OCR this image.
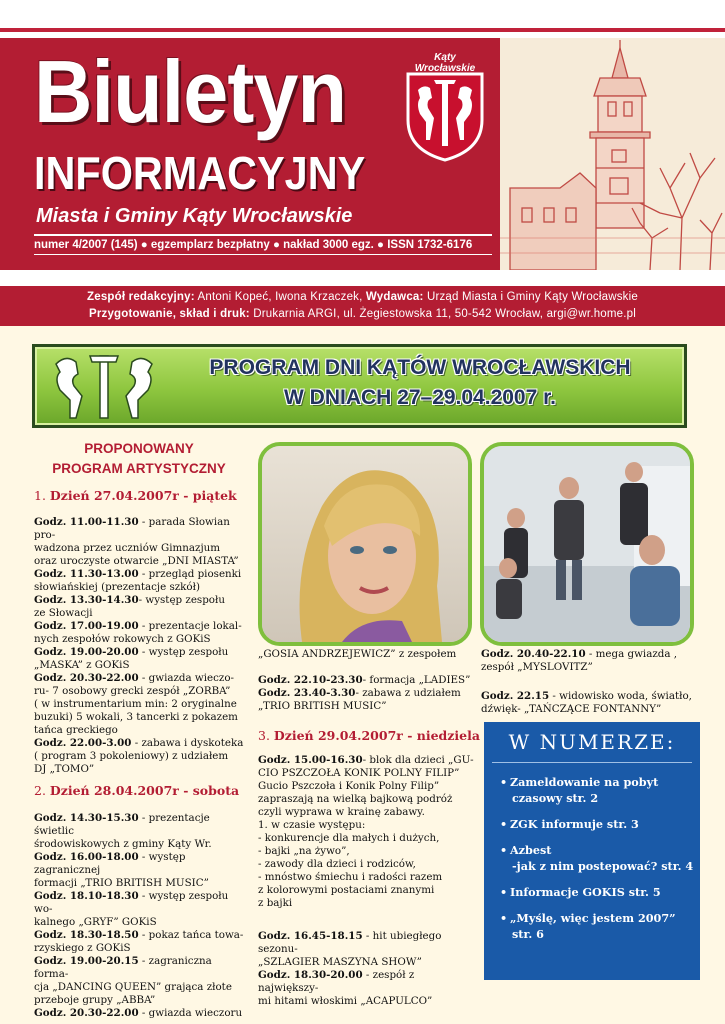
Biuletyn
INFORMACYJNY
Miasta i Gminy Kąty Wrocławskie
numer 4/2007 (145) ● egzemplarz bezpłatny ● nakład 3000 egz. ● ISSN 1732-6176
Kąty Wrocławskie
Zespół redakcyjny: Antoni Kopeć, Iwona Krzaczek, Wydawca: Urząd Miasta i Gminy Kąty Wrocławskie
Przygotowanie, skład i druk: Drukarnia ARGI, ul. Żegiestowska 11, 50-542 Wrocław, argi@wr.home.pl
PROGRAM DNI KĄTÓW WROCŁAWSKICH
W DNIACH 27–29.04.2007 r.
PROPONOWANY
PROGRAM ARTYSTYCZNY
1. Dzień 27.04.2007r - piątek

Godz. 11.00-11.30 - parada Słowian pro-

wadzona przez uczniów Gimnazjum

oraz uroczyste otwarcie „DNI MIASTA”

Godz. 11.30-13.00 - przegląd piosenki

słowiańskiej (prezentacje szkół)

Godz. 13.30-14.30- występ zespołu

ze Słowacji

Godz. 17.00-19.00 - prezentacje lokal-

nych zespołów rokowych z GOKiS

Godz. 19.00-20.00 - występ zespołu

„MASKA” z GOKiS

Godz. 20.30-22.00 - gwiazda wieczo-

ru- 7 osobowy grecki zespół „ZORBA”

( w instrumentarium min: 2 oryginalne

buzuki) 5 wokali, 3 tancerki z pokazem

tańca greckiego

Godz. 22.00-3.00 - zabawa i dyskoteka

( program 3 pokoleniowy) z udziałem

DJ „TOMO”

2. Dzień 28.04.2007r - sobota

Godz. 14.30-15.30 - prezentacje świetlic

środowiskowych z gminy Kąty Wr.

Godz. 16.00-18.00 - występ zagranicznej

formacji „TRIO BRITISH MUSIC”

Godz. 18.10-18.30 - występ zespołu wo-

kalnego „GRYF” GOKiS

Godz. 18.30-18.50 - pokaz tańca towa-

rzyskiego z GOKiS

Godz. 19.00-20.15 - zagraniczna forma-

cja „DANCING QUEEN” grająca złote

przeboje grupy „ABBA”

Godz. 20.30-22.00 - gwiazda wieczoru

„GOSIA ANDRZEJEWICZ” z zespołem

Godz. 22.10-23.30- formacja „LADIES”

Godz. 23.40-3.30- zabawa z udziałem

„TRIO BRITISH MUSIC”

3. Dzień 29.04.2007r - niedziela

Godz. 15.00-16.30- blok dla dzieci „GU-

CIO PSZCZOŁA KONIK POLNY FILIP”

Gucio Pszczoła i Konik Polny Filip”

zapraszają na wielką bajkową podróż

czyli wyprawa w krainę zabawy.

1. w czasie występu:

- konkurencje dla małych i dużych,

- bajki „na żywo”,

- zawody dla dzieci i rodziców,

- mnóstwo śmiechu i radości razem

z kolorowymi postaciami znanymi

z bajki

Godz. 16.45-18.15 - hit ubiegłego sezonu-

„SZLAGIER MASZYNA SHOW”

Godz. 18.30-20.00 - zespół z największy-

mi hitami włoskimi „ACAPULCO”

Godz. 20.40-22.10 - mega gwiazda ,

zespół „MYSLOVITZ”

Godz. 22.15 - widowisko woda, światło,

dźwięk- „TAŃCZĄCE FONTANNY”

W NUMERZE:
• Zameldowanie na pobyt
czasowy str. 2
• ZGK informuje str. 3
• Azbest
-jak z nim postepować? str. 4
• Informacje GOKIS str. 5
• „Myślę, więc jestem 2007”
str. 6
